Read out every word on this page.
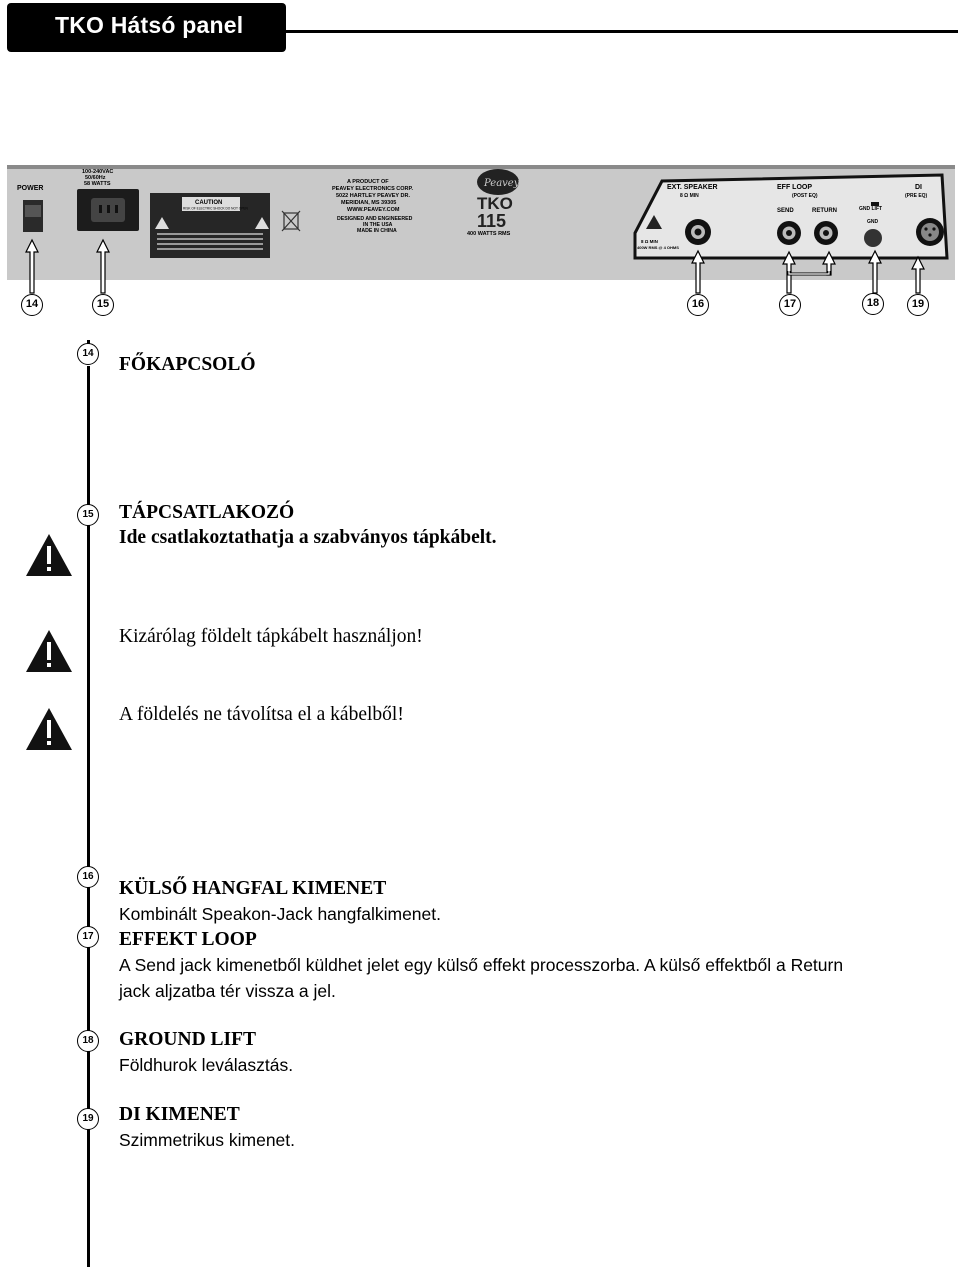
TKO Hátsó panel
POWER
100-240VAC
50/60Hz
58 WATTS
CAUTION
RISK OF ELECTRIC SHOCK DO NOT OPEN
A PRODUCT OF
PEAVEY ELECTRONICS CORP.
5022 HARTLEY PEAVEY DR.
MERIDIAN, MS 39305
WWW.PEAVEY.COM
DESIGNED AND ENGINEERED
IN THE USA
MADE IN CHINA
Peavey
TKO
115
400 WATTS RMS
EXT. SPEAKER
8 Ω MIN
EFF LOOP
(POST EQ)
SEND	RETURN	GND LIFT
GND
DI
(PRE EQ)
8 Ω MIN
400W RMS @ 4 OHMS
14	15	16	17	18	19
14
15
16
17
18
19
FŐKAPCSOLÓ
TÁPCSATLAKOZÓ
Ide csatlakoztathatja a szabványos tápkábelt.
Kizárólag földelt tápkábelt használjon!
A földelés ne távolítsa el a kábelből!
KÜLSŐ HANGFAL KIMENET
Kombinált Speakon-Jack hangfalkimenet.
EFFEKT LOOP
A Send jack kimenetből küldhet jelet egy külső effekt processzorba. A külső effektből a Return
jack aljzatba tér vissza a jel.
GROUND LIFT
Földhurok leválasztás.
DI KIMENET
Szimmetrikus kimenet.
